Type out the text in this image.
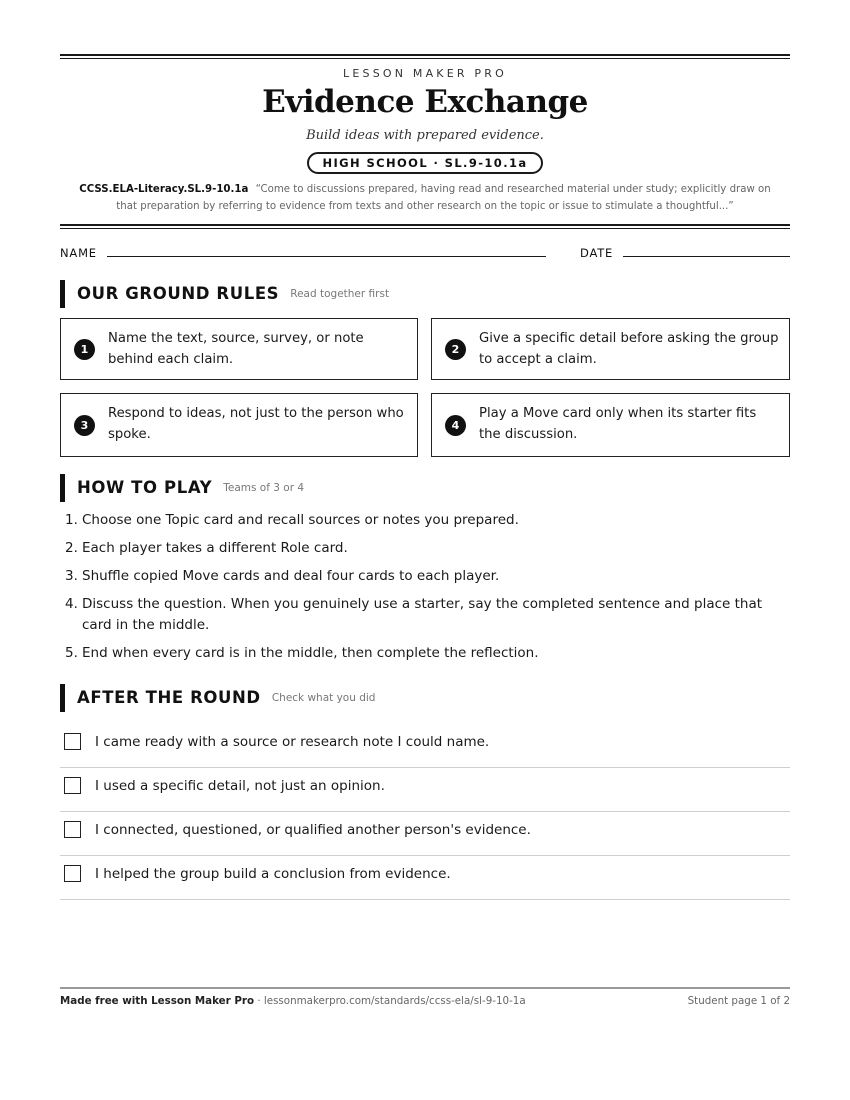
LESSON MAKER PRO
Evidence Exchange
Build ideas with prepared evidence.
HIGH SCHOOL · SL.9-10.1a
CCSS.ELA-Literacy.SL.9-10.1a “Come to discussions prepared, having read and researched material under study; explicitly draw on that preparation by referring to evidence from texts and other research on the topic or issue to stimulate a thoughtful...”
NAME	DATE
OUR GROUND RULES Read together first
1
Name the text, source, survey, or note behind each claim.
2
Give a specific detail before asking the group to accept a claim.
3
Respond to ideas, not just to the person who spoke.
4
Play a Move card only when its starter fits the discussion.
HOW TO PLAY Teams of 3 or 4
1. Choose one Topic card and recall sources or notes you prepared.
2. Each player takes a different Role card.
3. Shuffle copied Move cards and deal four cards to each player.
4. Discuss the question. When you genuinely use a starter, say the completed sentence and place that card in the middle.
5. End when every card is in the middle, then complete the reflection.
AFTER THE ROUND Check what you did
I came ready with a source or research note I could name.
I used a specific detail, not just an opinion.
I connected, questioned, or qualified another person's evidence.
I helped the group build a conclusion from evidence.
Made free with Lesson Maker Pro · lessonmakerpro.com/standards/ccss-ela/sl-9-10-1a	Student page 1 of 2
